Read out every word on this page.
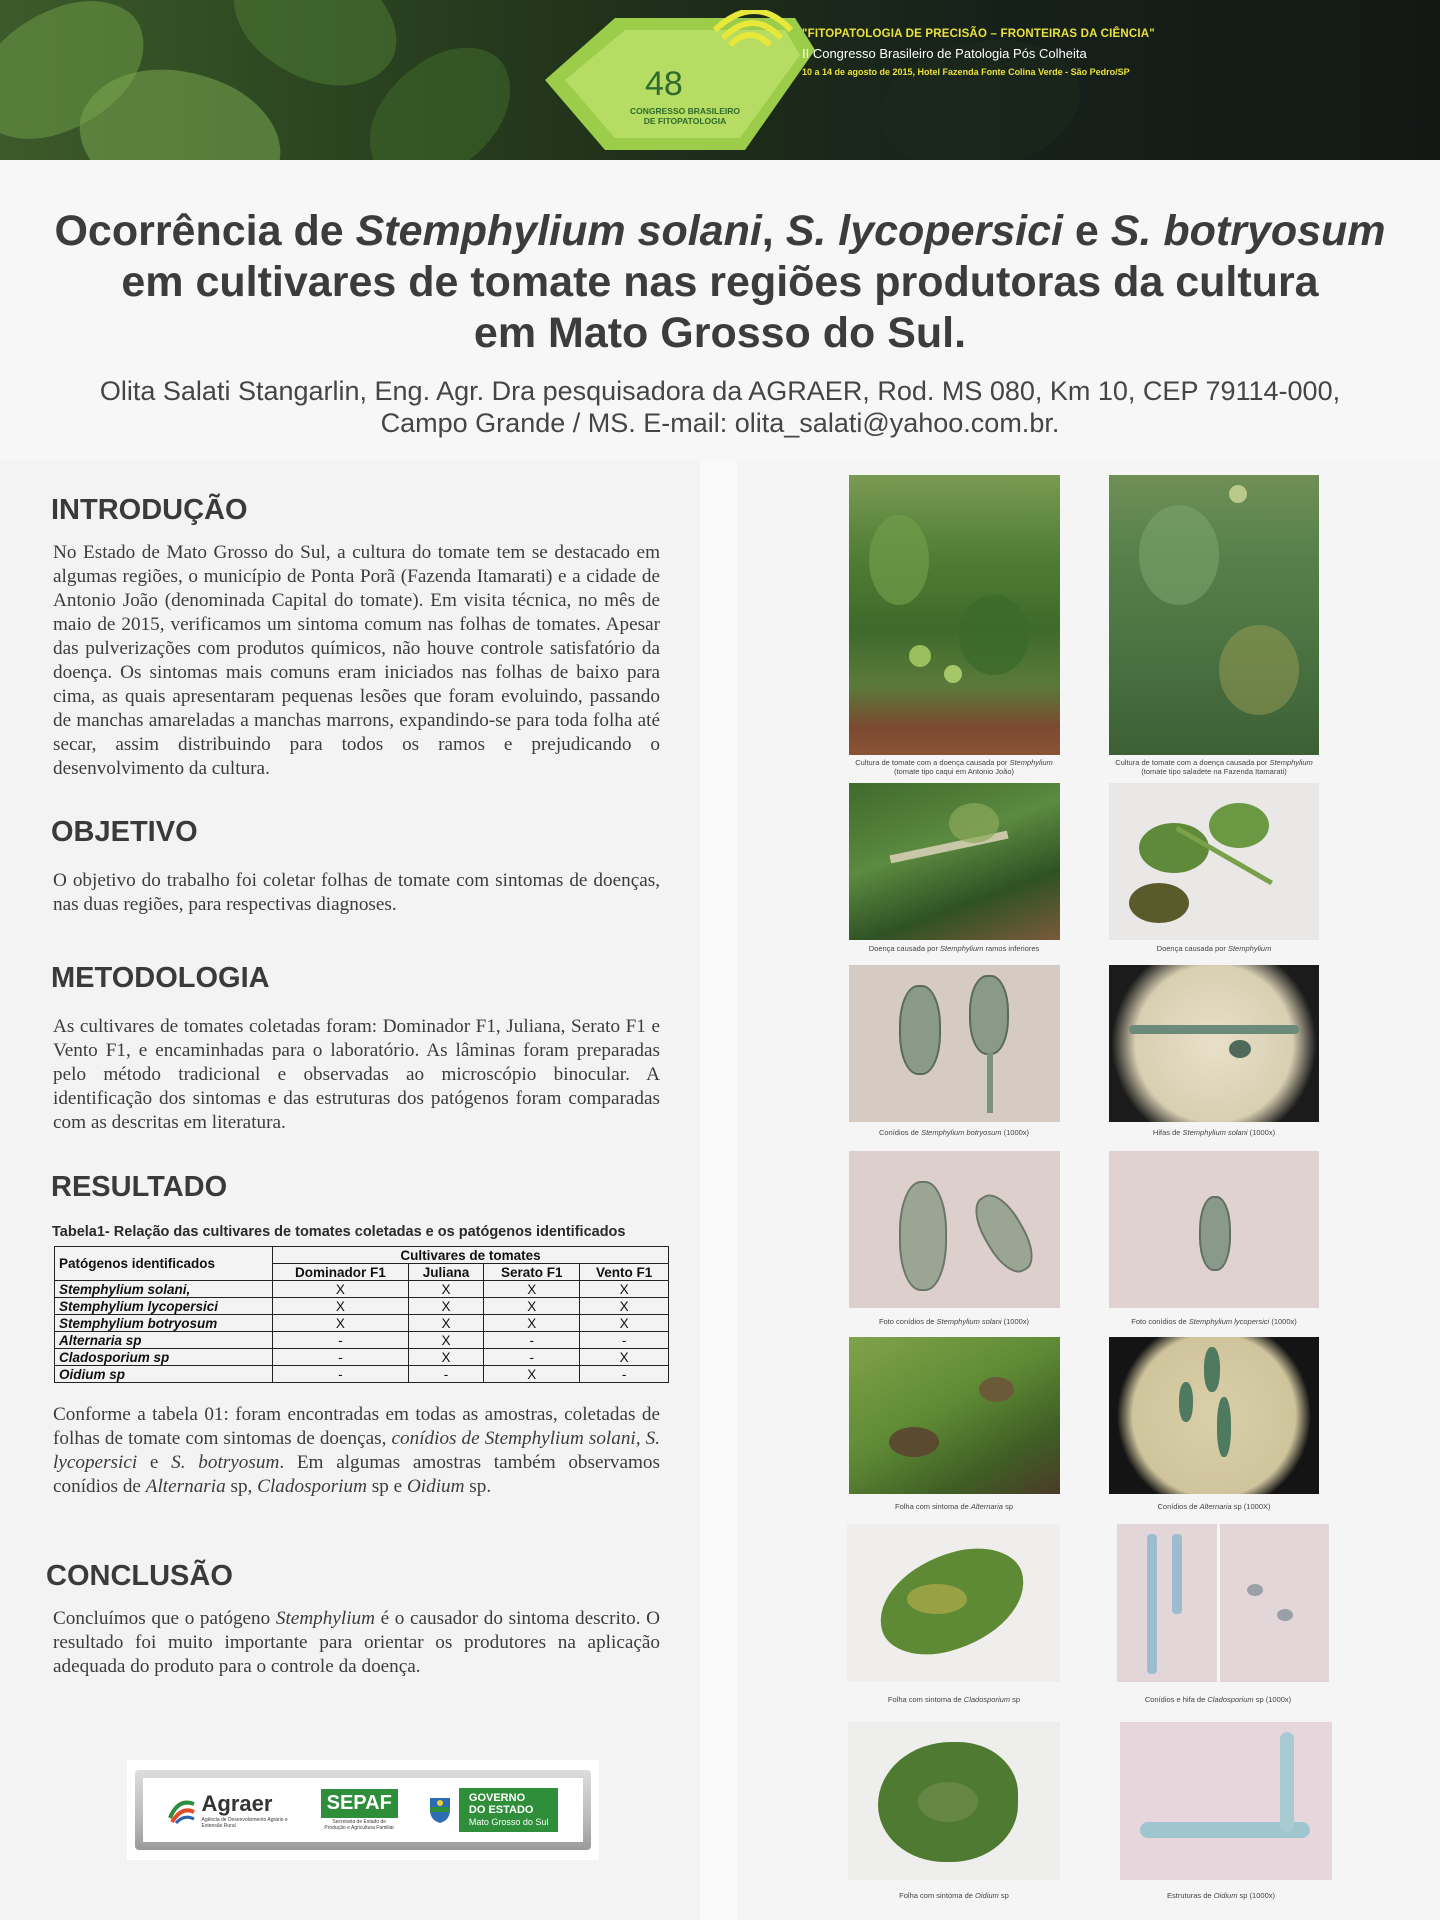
48
CONGRESSO BRASILEIRO
DE FITOPATOLOGIA
"FITOPATOLOGIA DE PRECISÃO – FRONTEIRAS DA CIÊNCIA"
II Congresso Brasileiro de Patologia Pós Colheita
10 a 14 de agosto de 2015, Hotel Fazenda Fonte Colina Verde - São Pedro/SP
Ocorrência de Stemphylium solani, S. lycopersici e S. botryosum
em cultivares de tomate nas regiões produtoras da cultura
em Mato Grosso do Sul.
Olita Salati Stangarlin, Eng. Agr. Dra pesquisadora da AGRAER, Rod. MS 080, Km 10, CEP 79114-000,
Campo Grande / MS. E-mail: olita_salati@yahoo.com.br.
INTRODUÇÃO
No Estado de Mato Grosso do Sul, a cultura do tomate tem se destacado em algumas regiões, o município de Ponta Porã (Fazenda Itamarati) e a cidade de Antonio João (denominada Capital do tomate). Em visita técnica, no mês de maio de 2015, verificamos um sintoma comum nas folhas de tomates. Apesar das pulverizações com produtos químicos, não houve controle satisfatório da doença. Os sintomas mais comuns eram iniciados nas folhas de baixo para cima, as quais apresentaram pequenas lesões que foram evoluindo, passando de manchas amareladas a manchas marrons, expandindo-se para toda folha até secar, assim distribuindo para todos os ramos e prejudicando o desenvolvimento da cultura.
OBJETIVO
O objetivo do trabalho foi coletar folhas de tomate com sintomas de doenças, nas duas regiões, para respectivas diagnoses.
METODOLOGIA
As cultivares de tomates coletadas foram: Dominador F1, Juliana, Serato F1 e Vento F1, e encaminhadas para o laboratório. As lâminas foram preparadas pelo método tradicional e observadas ao microscópio binocular. A identificação dos sintomas e das estruturas dos patógenos foram comparadas com as descritas em literatura.
RESULTADO
Tabela1- Relação das cultivares de tomates coletadas e os patógenos identificados
Patógenos identificados	Cultivares de tomates			
	Dominador F1	Juliana	Serato F1	Vento F1
Stemphylium solani,	X	X	X	X
Stemphylium lycopersici	X	X	X	X
Stemphylium botryosum	X	X	X	X
Alternaria sp	-	X	-	-
Cladosporium sp	-	X	-	X
Oidium sp	-	-	X	-
Conforme a tabela 01: foram encontradas em todas as amostras, coletadas de folhas de tomate com sintomas de doenças, conídios de Stemphylium solani, S. lycopersici e S. botryosum. Em algumas amostras também observamos conídios de Alternaria sp, Cladosporium sp e Oidium sp.
CONCLUSÃO
Concluímos que o patógeno Stemphylium é o causador do sintoma descrito. O resultado foi muito importante para orientar os produtores na aplicação adequada do produto para o controle da doença.
Agraer
Agência de Desenvolvimento Agrário e Extensão Rural
SEPAF
Secretaria de Estado de Produção e Agricultura Familiar
GOVERNO
DO ESTADO
Mato Grosso do Sul
Cultura de tomate com a doença causada por Stemphylium
(tomate tipo caqui em Antonio João)
Cultura de tomate com a doença causada por Stemphylium
(tomate tipo saladete na Fazenda Itamarati)
Doença causada por Stemphylium ramos inferiores	Doença causada por Stemphylium
Conídios de Stemphylium botryosum (1000x)	Hifas de Stemphylium solani (1000x)
Foto conídios de Stemphylium solani (1000x)	Foto conídios de Stemphylium lycopersici (1000x)
Folha com sintoma de Alternaria sp	Conídios de Alternaria sp (1000X)
Folha com sintoma de Cladosporium sp	Conídios e hifa de Cladosporium sp (1000x)
Folha com sintoma de Oidium sp	Estruturas de Oidium sp (1000x)
